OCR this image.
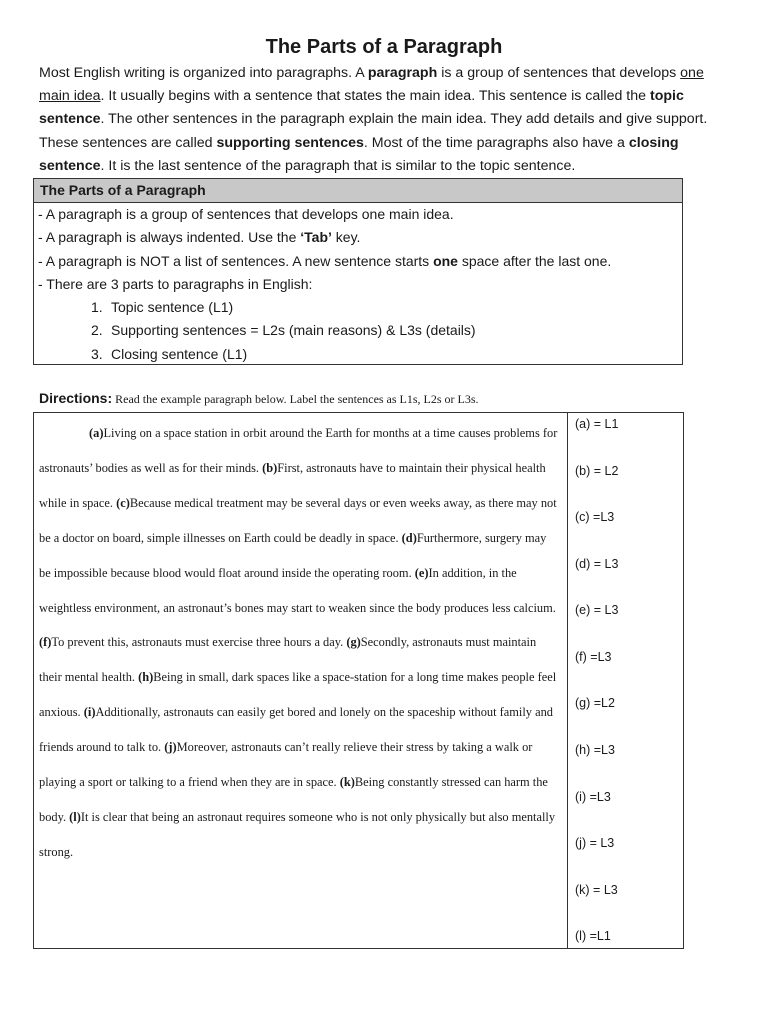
The Parts of a Paragraph
Most English writing is organized into paragraphs. A paragraph is a group of sentences that develops one main idea. It usually begins with a sentence that states the main idea. This sentence is called the topic sentence. The other sentences in the paragraph explain the main idea. They add details and give support. These sentences are called supporting sentences. Most of the time paragraphs also have a closing sentence. It is the last sentence of the paragraph that is similar to the topic sentence.
The Parts of a Paragraph
- A paragraph is a group of sentences that develops one main idea.
- A paragraph is always indented. Use the ‘Tab’ key.
- A paragraph is NOT a list of sentences. A new sentence starts one space after the last one.
- There are 3 parts to paragraphs in English:
1. Topic sentence (L1)
2. Supporting sentences = L2s (main reasons) & L3s (details)
3. Closing sentence (L1)
Directions: Read the example paragraph below. Label the sentences as L1s, L2s or L3s.
(a)Living on a space station in orbit around the Earth for months at a time causes problems for astronauts’ bodies as well as for their minds. (b)First, astronauts have to maintain their physical health while in space. (c)Because medical treatment may be several days or even weeks away, as there may not be a doctor on board, simple illnesses on Earth could be deadly in space. (d)Furthermore, surgery may be impossible because blood would float around inside the operating room. (e)In addition, in the weightless environment, an astronaut’s bones may start to weaken since the body produces less calcium. (f)To prevent this, astronauts must exercise three hours a day. (g)Secondly, astronauts must maintain their mental health. (h)Being in small, dark spaces like a space-station for a long time makes people feel anxious. (i)Additionally, astronauts can easily get bored and lonely on the spaceship without family and friends around to talk to. (j)Moreover, astronauts can’t really relieve their stress by taking a walk or playing a sport or talking to a friend when they are in space. (k)Being constantly stressed can harm the body. (l)It is clear that being an astronaut requires someone who is not only physically but also mentally strong.
(a) = L1
(b) = L2
(c) =L3
(d) = L3
(e) = L3
(f) =L3
(g) =L2
(h) =L3
(i) =L3
(j) = L3
(k) = L3
(l) =L1
